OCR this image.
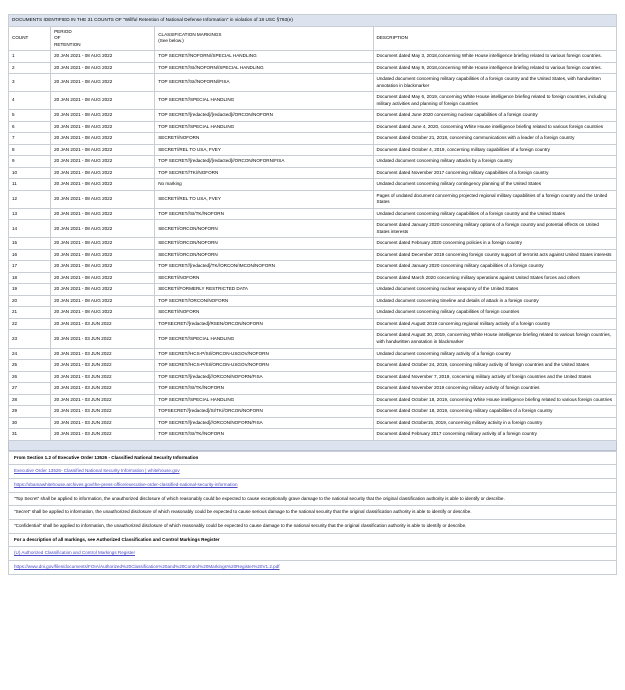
DOCUMENTS IDENTIFIED IN THE 31 COUNTS OF "Willful Retention of National Defense Information" in violation of 18 USC §793(e)			
COUNT	PERIOD
OF
RETENTION	CLASSIFICATION MARKINGS
(See below.)	DESCRIPTION
1	20 JAN 2021 - 08 AUG 2022	TOP SECRET//NOFORN//SPECIAL HANDLING	Document dated May 3, 2018,concerning White House intelligence briefing related to various foreign countries.
2	20 JAN 2021 - 08 AUG 2022	TOP SECRET//SI//NOFORN//SPECIAL HANDLING	Document dated May 9, 2018,concerning White House intelligence briefing related to various foreign countries.
3	20 JAN 2021 - 08 AUG 2022	TOP SECRET//SI//NOFORN//FISA	Undated document concerning military capabilities of a foreign country and the United States, with handwritten annotation in blackmarker
4	20 JAN 2021 - 08 AUG 2022	TOP SECRET//SPECIAL HANDLING	Document dated May 6, 2019, concerning White House intelligence briefing related to foreign countries, including military activities and planning of foreign countries
5	20 JAN 2021 - 08 AUG 2022	TOP SECRET//[redacted]/[redacted]//ORCON/NOFORN	Document dated June 2020 concerning nuclear capabilities of a foreign country
6	20 JAN 2021 - 08 AUG 2022	TOP SECRET//SPECIAL HANDLING	Document dated June 4, 2020, concerning White House intelligence briefing related to various foreign countries
7	20 JAN 2021 - 08 AUG 2022	SECRET//NOFORN	Document dated October 21, 2018, concerning communications with a leader of a foreign country
8	20 JAN 2021 - 08 AUG 2022	SECRET//REL TO USA, FVEY	Document dated October 4, 2019, concerning military capabilities of a foreign country
9	20 JAN 2021 - 08 AUG 2022	TOP SECRET//[redacted]/[redacted]//ORCON/NOFORN/FISA	Undated document concerning military attacks by a foreign country
10	20 JAN 2021 - 08 AUG 2022	TOP SECRET//TK//NOFORN	Document dated November 2017 concerning military capabilities of a foreign country
11	20 JAN 2021 - 08 AUG 2022	No marking	Undated document concerning military contingency planning of the United States
12	20 JAN 2021 - 08 AUG 2022	SECRET//REL TO USA, FVEY	Pages of undated document concerning projected regional military capabilities of a foreign country and the United States
13	20 JAN 2021 - 08 AUG 2022	TOP SECRET//SI/TK//NOFORN	Undated document concerning military capabilities of a foreign country and the United States
14	20 JAN 2021 - 08 AUG 2022	SECRET//ORCON/NOFORN	Document dated January 2020 concerning military options of a foreign country and potential effects on United States interests
15	20 JAN 2021 - 08 AUG 2022	SECRET//ORCON/NOFORN	Document dated February 2020 concerning policies in a foreign country
16	20 JAN 2021 - 08 AUG 2022	SECRET//ORCON/NOFORN	Document dated December 2019 concerning foreign country support of terrorist acts against United States interests
17	20 JAN 2021 - 08 AUG 2022	TOP SECRET//[redacted]/TK//ORCON/IMCON/NOFORN	Document dated January 2020 concerning military capabilities of a foreign country
18	20 JAN 2021 - 08 AUG 2022	SECRET//NOFORN	Document dated March 2020 concerning military operations against United States forces and others
19	20 JAN 2021 - 08 AUG 2022	SECRET//FORMERLY RESTRICTED DATA	Undated document concerning nuclear weaponry of the United States
20	20 JAN 2021 - 08 AUG 2022	TOP SECRET//ORCON/NOFORN	Undated document concerning timeline and details of attack in a foreign country
21	20 JAN 2021 - 08 AUG 2022	SECRET//NOFORN	Undated document concerning military capabilities of foreign countries
22	20 JAN 2021 - 03 JUN 2022	TOPSECRET//[redacted]/RSEN/ORCON/NOFORN	Document dated August 2019 concerning regional military activity of a foreign country
23	20 JAN 2021 - 03 JUN 2022	TOP SECRET//SPECIAL HANDLING	Document dated August 30, 2019, concerning White House intelligence briefing related to various foreign countries, with handwritten annotation in blackmarker
24	20 JAN 2021 - 03 JUN 2022	TOP SECRET//HCS-P/SI//ORCON-USGOV/NOFORN	Undated document concerning military activity of a foreign country
25	20 JAN 2021 - 03 JUN 2022	TOP SECRET//HCS-P/SI//ORCON-USGOV/NOFORN	Document dated October 24, 2019, concerning military activity of foreign countries and the United States
26	20 JAN 2021 - 03 JUN 2022	TOP SECRET//[redacted]//ORCON/NOFORN/FISA	Document dated November 7, 2019, concerning military activity of foreign countries and the United States
27	20 JAN 2021 - 03 JUN 2022	TOP SECRET//SI/TK//NOFORN	Document dated November 2019 concerning military activity of foreign countries
28	20 JAN 2021 - 03 JUN 2022	TOP SECRET//SPECIAL HANDLING	Document dated October 18, 2019, concerning White House intelligence briefing related to various foreign countries
29	20 JAN 2021 - 03 JUN 2022	TOPSECRET//[redacted]/SI/TK//ORCON/NOFORN	Document dated October 18, 2019, concerning military capabilities of a foreign country
30	20 JAN 2021 - 03 JUN 2022	TOP SECRET//[redacted]//ORCON/NOFORN/FISA	Document dated October15, 2019, concerning military activity in a foreign country
31	20 JAN 2021 - 03 JUN 2022	TOP SECRET//SI/TK//NOFORN	Document dated February 2017 concerning military activity of a foreign country

From Section 1.2 of Executive Order 13526 - Classified National Security Information
Executive Order 13526- Classified National Security Information | whitehouse.gov
https://obamawhitehouse.archives.gov/the-press-office/executive-order-classified-national-security-information
"Top Secret" shall be applied to information, the unauthorized disclosure of which reasonably could be expected to cause exceptionally grave damage to the national security that the original classification authority is able to identify or describe.
"Secret" shall be applied to information, the unauthorized disclosure of which reasonably could be expected to cause serious damage to the national security that the original classification authority is able to identify or describe.
"Confidential" shall be applied to information, the unauthorized disclosure of which reasonably could be expected to cause damage to the national security that the original classification authority is able to identify or describe.
For a description of all markings, see Authorized Classification and Control Markings Register
(U) Authorized Classification and Control Markings Register
https://www.dni.gov/files/documents/FOIA/Authorized%20Classification%20and%20Control%20Markings%20Register%20V1.2.pdf
